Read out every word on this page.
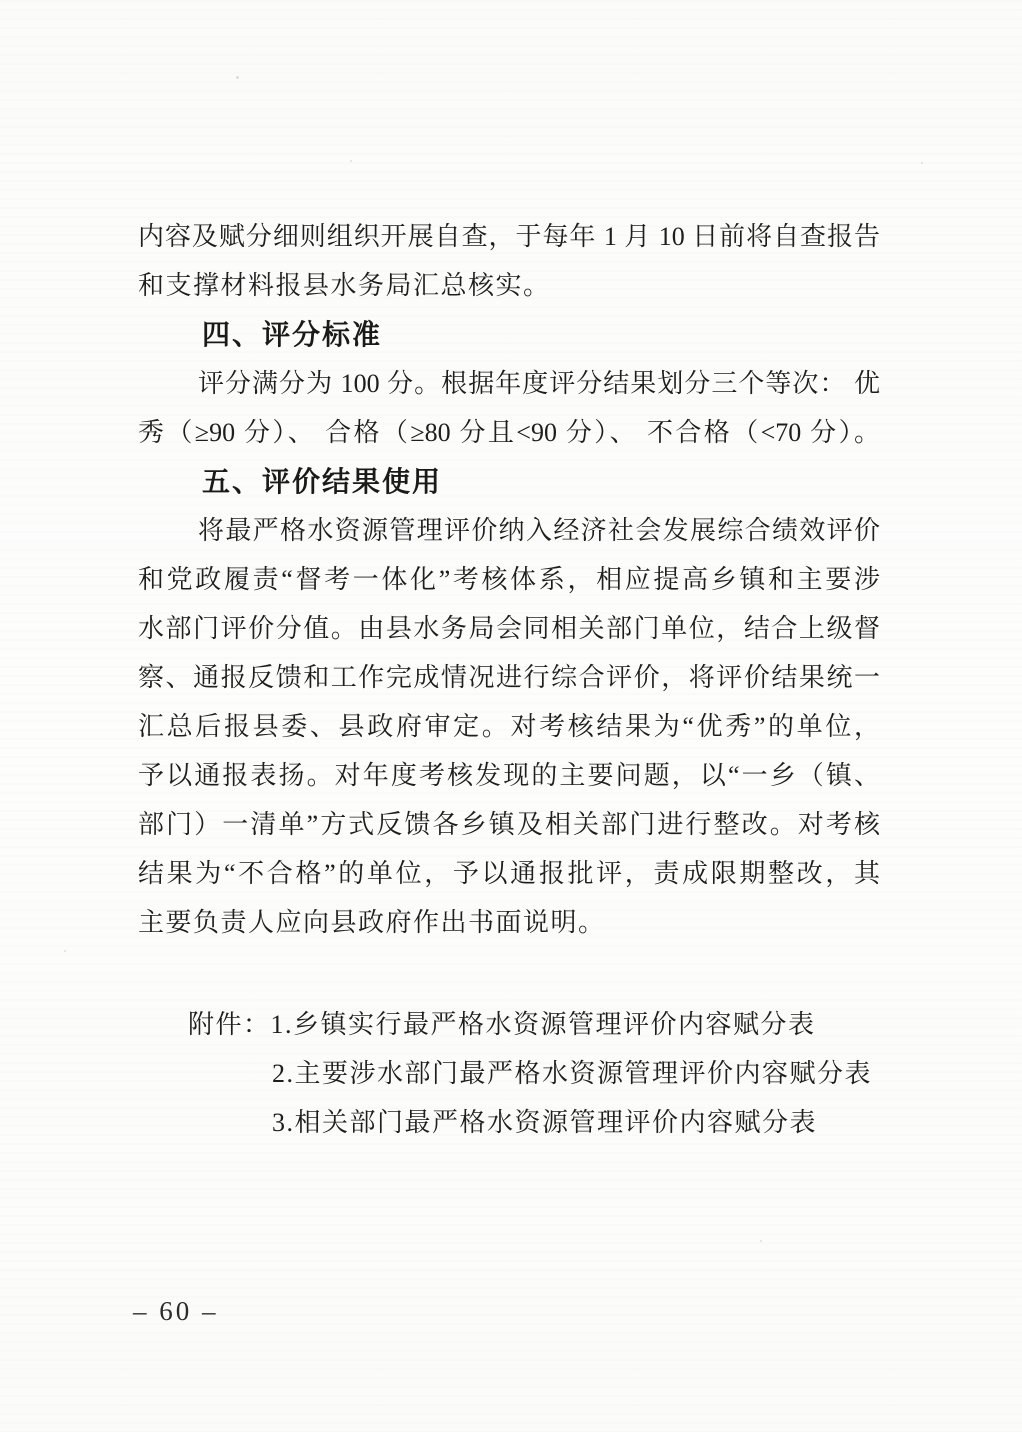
内容及赋分细则组织开展自查，于每年 1 月 10 日前将自查报告

和支撑材料报县水务局汇总核实。

四、评分标准

评分满分为 100 分。根据年度评分结果划分三个等次： 优

秀（≥90 分）、 合格（≥80 分且<90 分）、 不合格（<70 分）。

五、评价结果使用

将最严格水资源管理评价纳入经济社会发展综合绩效评价

和党政履责“督考一体化”考核体系，相应提高乡镇和主要涉

水部门评价分值。由县水务局会同相关部门单位，结合上级督

察、通报反馈和工作完成情况进行综合评价，将评价结果统一

汇总后报县委、县政府审定。对考核结果为“优秀”的单位，

予以通报表扬。对年度考核发现的主要问题，以“一乡（镇、

部门）一清单”方式反馈各乡镇及相关部门进行整改。对考核

结果为“不合格”的单位，予以通报批评，责成限期整改，其

主要负责人应向县政府作出书面说明。

附件：1.乡镇实行最严格水资源管理评价内容赋分表

2.主要涉水部门最严格水资源管理评价内容赋分表

3.相关部门最严格水资源管理评价内容赋分表

– 60 –
